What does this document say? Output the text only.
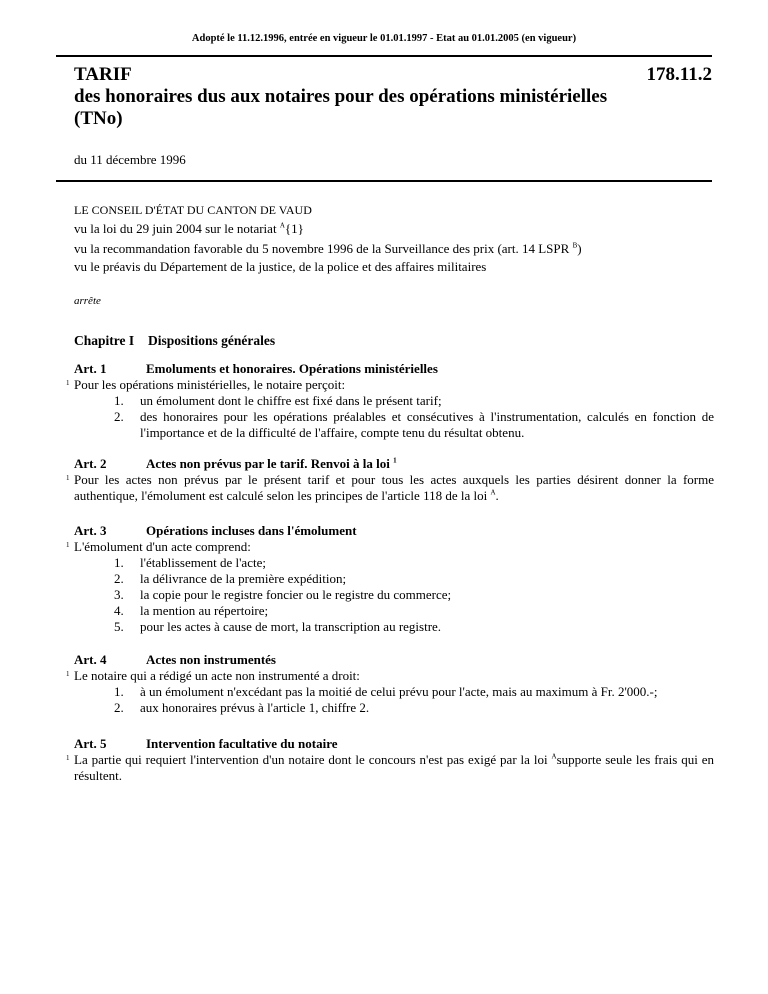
Adopté le 11.12.1996, entrée en vigueur le 01.01.1997 - Etat au 01.01.2005 (en vigueur)
TARIF
des honoraires dus aux notaires pour des opérations ministérielles
(TNo)
178.11.2
du 11 décembre 1996
LE CONSEIL D'ÉTAT DU CANTON DE VAUD
vu la loi du 29 juin 2004 sur le notariat $^A${1}
vu la recommandation favorable du 5 novembre 1996 de la Surveillance des prix (art. 14 LSPR $^B$)
vu le préavis du Département de la justice, de la police et des affaires militaires
arrête
Chapitre I Dispositions générales
Art. 1	Emoluments et honoraires. Opérations ministérielles
1 Pour les opérations ministérielles, le notaire perçoit:
1. un émolument dont le chiffre est fixé dans le présent tarif;
2. des honoraires pour les opérations préalables et consécutives à l'instrumentation, calculés en fonction de l'importance et de la difficulté de l'affaire, compte tenu du résultat obtenu.
Art. 2	Actes non prévus par le tarif. Renvoi à la loi $^1$
1 Pour les actes non prévus par le présent tarif et pour tous les actes auxquels les parties désirent donner la forme authentique, l'émolument est calculé selon les principes de l'article 118 de la loi $^A$.
Art. 3	Opérations incluses dans l'émolument
1 L'émolument d'un acte comprend:
1. l'établissement de l'acte;
2. la délivrance de la première expédition;
3. la copie pour le registre foncier ou le registre du commerce;
4. la mention au répertoire;
5. pour les actes à cause de mort, la transcription au registre.
Art. 4	Actes non instrumentés
1 Le notaire qui a rédigé un acte non instrumenté a droit:
1. à un émolument n'excédant pas la moitié de celui prévu pour l'acte, mais au maximum à Fr. 2'000.-;
2. aux honoraires prévus à l'article 1, chiffre 2.
Art. 5	Intervention facultative du notaire
1 La partie qui requiert l'intervention d'un notaire dont le concours n'est pas exigé par la loi $^A$supporte seule les frais qui en résultent.
